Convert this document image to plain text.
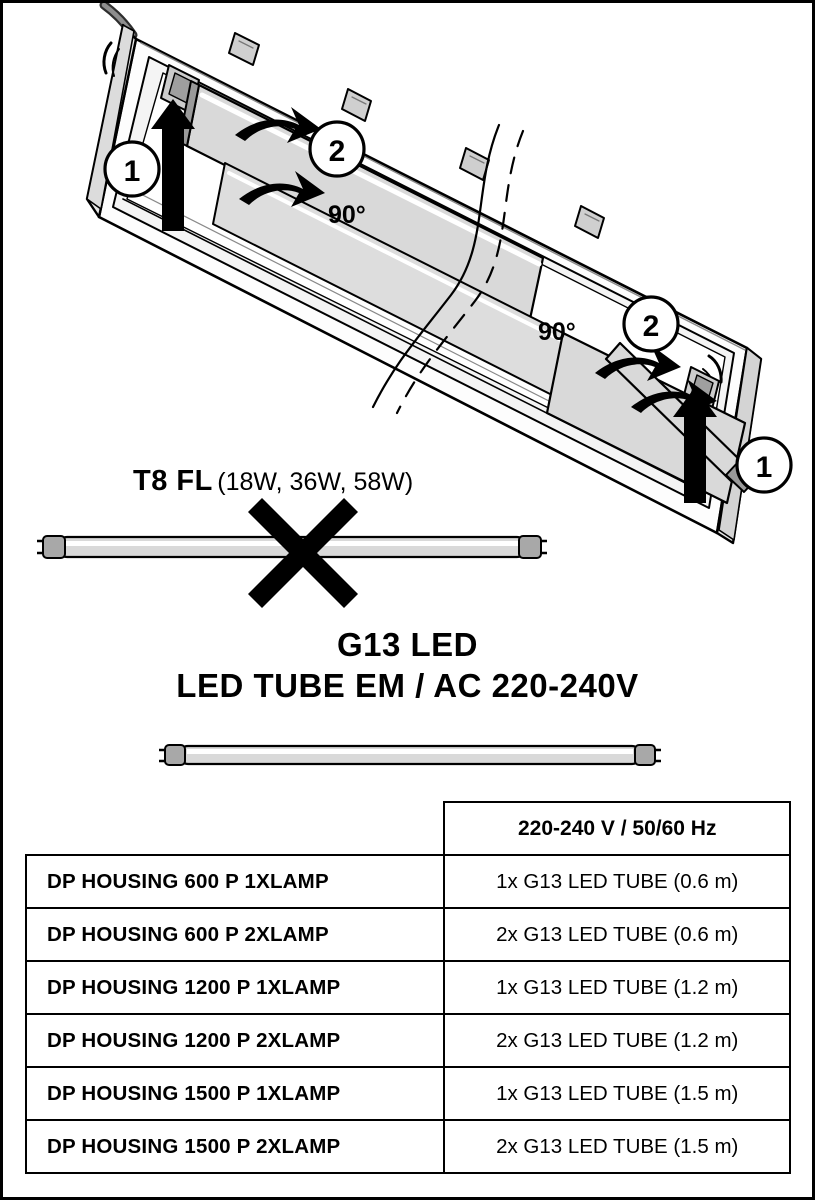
1
2
2
1
90°
90°
T8 FL (18W, 36W, 58W)
G13 LED
LED TUBE EM / AC 220-240V
	220-240 V / 50/60 Hz
DP HOUSING 600 P 1XLAMP	1x G13 LED TUBE (0.6 m)
DP HOUSING 600 P 2XLAMP	2x G13 LED TUBE (0.6 m)
DP HOUSING 1200 P 1XLAMP	1x G13 LED TUBE (1.2 m)
DP HOUSING 1200 P 2XLAMP	2x G13 LED TUBE (1.2 m)
DP HOUSING 1500 P 1XLAMP	1x G13 LED TUBE (1.5 m)
DP HOUSING 1500 P 2XLAMP	2x G13 LED TUBE (1.5 m)
